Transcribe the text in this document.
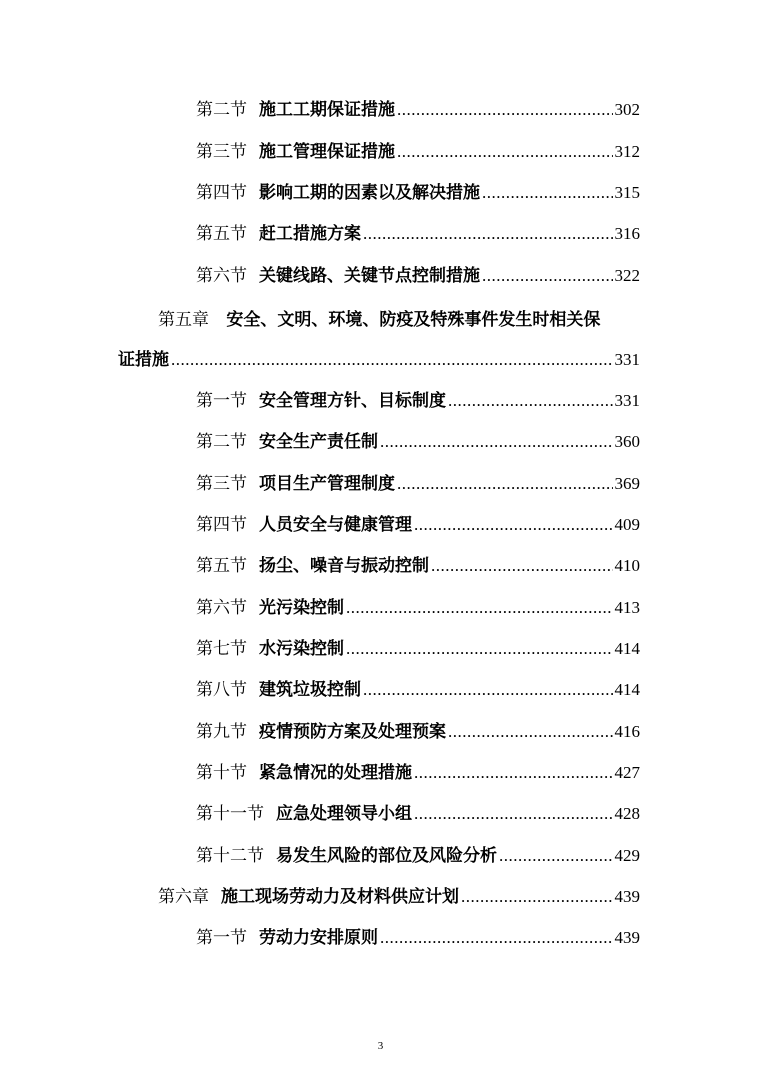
第二节 施工工期保证措施 .....	302
第三节 施工管理保证措施 .....	312
第四节 影响工期的因素以及解决措施 .....	315
第五节 赶工措施方案 .....	316
第六节 关键线路、关键节点控制措施 .....	322
第五章 安全、文明、环境、防疫及特殊事件发生时相关保
证措施 .....	331
第一节 安全管理方针、目标制度 .....	331
第二节 安全生产责任制 .....	360
第三节 项目生产管理制度 .....	369
第四节 人员安全与健康管理 .....	409
第五节 扬尘、噪音与振动控制 .....	410
第六节 光污染控制 .....	413
第七节 水污染控制 .....	414
第八节 建筑垃圾控制 .....	414
第九节 疫情预防方案及处理预案 .....	416
第十节 紧急情况的处理措施 .....	427
第十一节 应急处理领导小组 .....	428
第十二节 易发生风险的部位及风险分析 .....	429
第六章 施工现场劳动力及材料供应计划 .....	439
第一节 劳动力安排原则 .....	439
3
